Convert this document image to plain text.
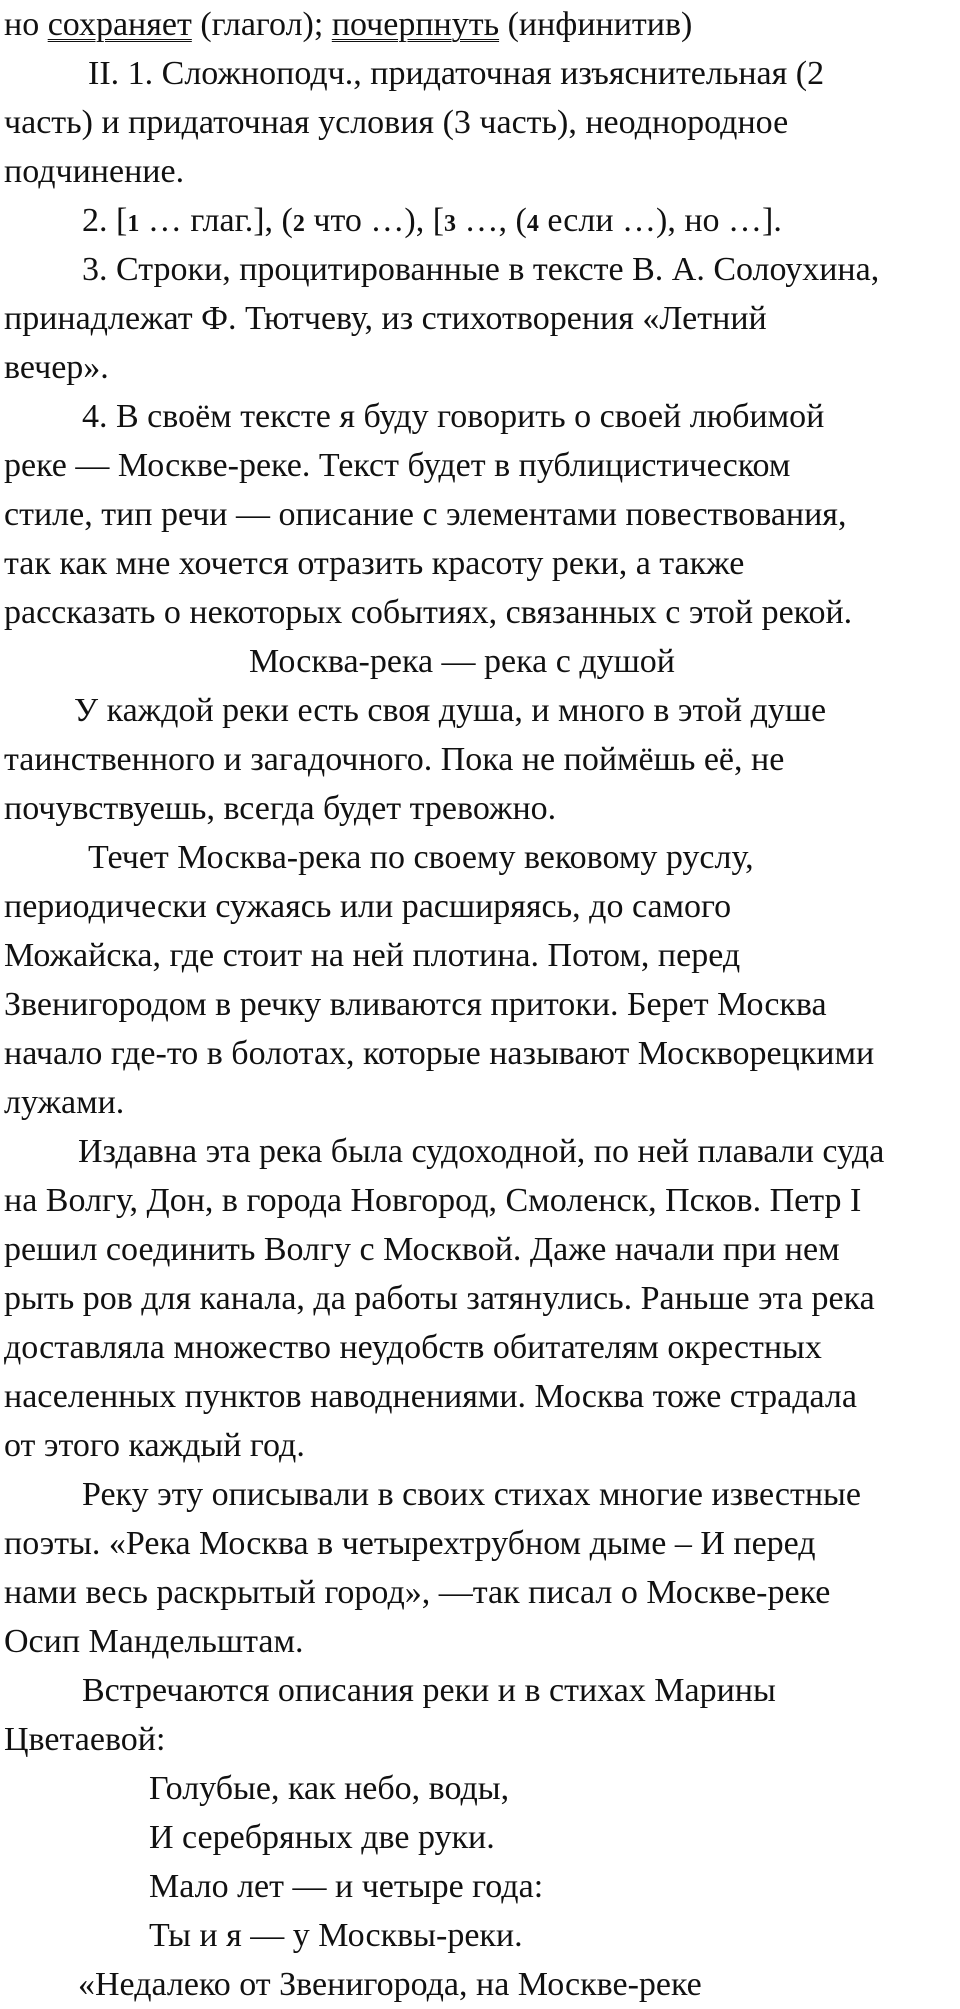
но сохраняет (глагол); почерпнуть (инфинитив)
II. 1. Сложноподч., придаточная изъяснительная (2
часть) и придаточная условия (3 часть), неоднородное
подчинение.
2. [1 … глаг.], (2 что …), [3 …, (4 если …), но …].
3. Строки, процитированные в тексте В. А. Солоухина,
принадлежат Ф. Тютчеву, из стихотворения «Летний
вечер».
4. В своём тексте я буду говорить о своей любимой
реке — Москве-реке. Текст будет в публицистическом
стиле, тип речи — описание с элементами повествования,
так как мне хочется отразить красоту реки, а также
рассказать о некоторых событиях, связанных с этой рекой.
Москва-река — река с душой
У каждой реки есть своя душа, и много в этой душе
таинственного и загадочного. Пока не поймёшь её, не
почувствуешь, всегда будет тревожно.
Течет Москва-река по своему вековому руслу,
периодически сужаясь или расширяясь, до самого
Можайска, где стоит на ней плотина. Потом, перед
Звенигородом в речку вливаются притоки. Берет Москва
начало где-то в болотах, которые называют Москворецкими
лужами.
Издавна эта река была судоходной, по ней плавали суда
на Волгу, Дон, в города Новгород, Смоленск, Псков. Петр I
решил соединить Волгу с Москвой. Даже начали при нем
рыть ров для канала, да работы затянулись. Раньше эта река
доставляла множество неудобств обитателям окрестных
населенных пунктов наводнениями. Москва тоже страдала
от этого каждый год.
Реку эту описывали в своих стихах многие известные
поэты. «Река Москва в четырехтрубном дыме – И перед
нами весь раскрытый город», —так писал о Москве-реке
Осип Мандельштам.
Встречаются описания реки и в стихах Марины
Цветаевой:
Голубые, как небо, воды,
И серебряных две руки.
Мало лет — и четыре года:
Ты и я — у Москвы-реки.
«Недалеко от Звенигорода, на Москве-реке
